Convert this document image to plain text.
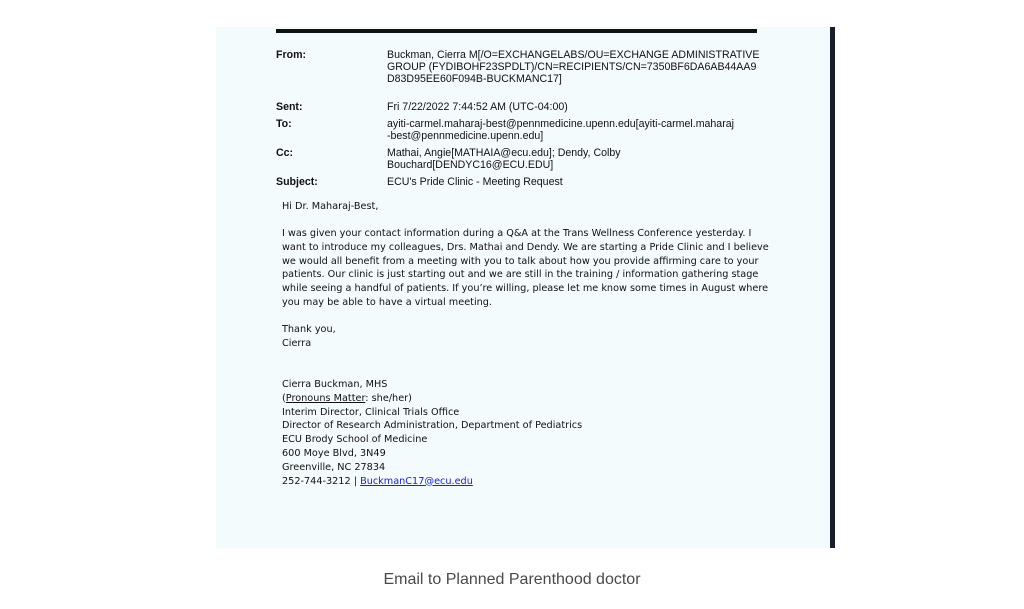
From:	Buckman, Cierra M[/O=EXCHANGELABS/OU=EXCHANGE ADMINISTRATIVE GROUP (FYDIBOHF23SPDLT)/CN=RECIPIENTS/CN=7350BF6DA6AB44AA9D83D95EE60F094B-BUCKMANC17]
Sent:	Fri 7/22/2022 7:44:52 AM (UTC-04:00)
To:	ayiti-carmel.maharaj-best@pennmedicine.upenn.edu[ayiti-carmel.maharaj-best@pennmedicine.upenn.edu]
Cc:	Mathai, Angie[MATHAIA@ecu.edu]; Dendy, Colby Bouchard[DENDYC16@ECU.EDU]
Subject:	ECU's Pride Clinic - Meeting Request
Hi Dr. Maharaj-Best,
I was given your contact information during a Q&A at the Trans Wellness Conference yesterday. I
want to introduce my colleagues, Drs. Mathai and Dendy. We are starting a Pride Clinic and I believe
we would all benefit from a meeting with you to talk about how you provide affirming care to your
patients. Our clinic is just starting out and we are still in the training / information gathering stage
while seeing a handful of patients. If you’re willing, please let me know some times in August where
you may be able to have a virtual meeting.
Thank you,
Cierra
Cierra Buckman, MHS
(Pronouns Matter: she/her)
Interim Director, Clinical Trials Office
Director of Research Administration, Department of Pediatrics
ECU Brody School of Medicine
600 Moye Blvd, 3N49
Greenville, NC 27834
252-744-3212 | BuckmanC17@ecu.edu
Email to Planned Parenthood doctor
